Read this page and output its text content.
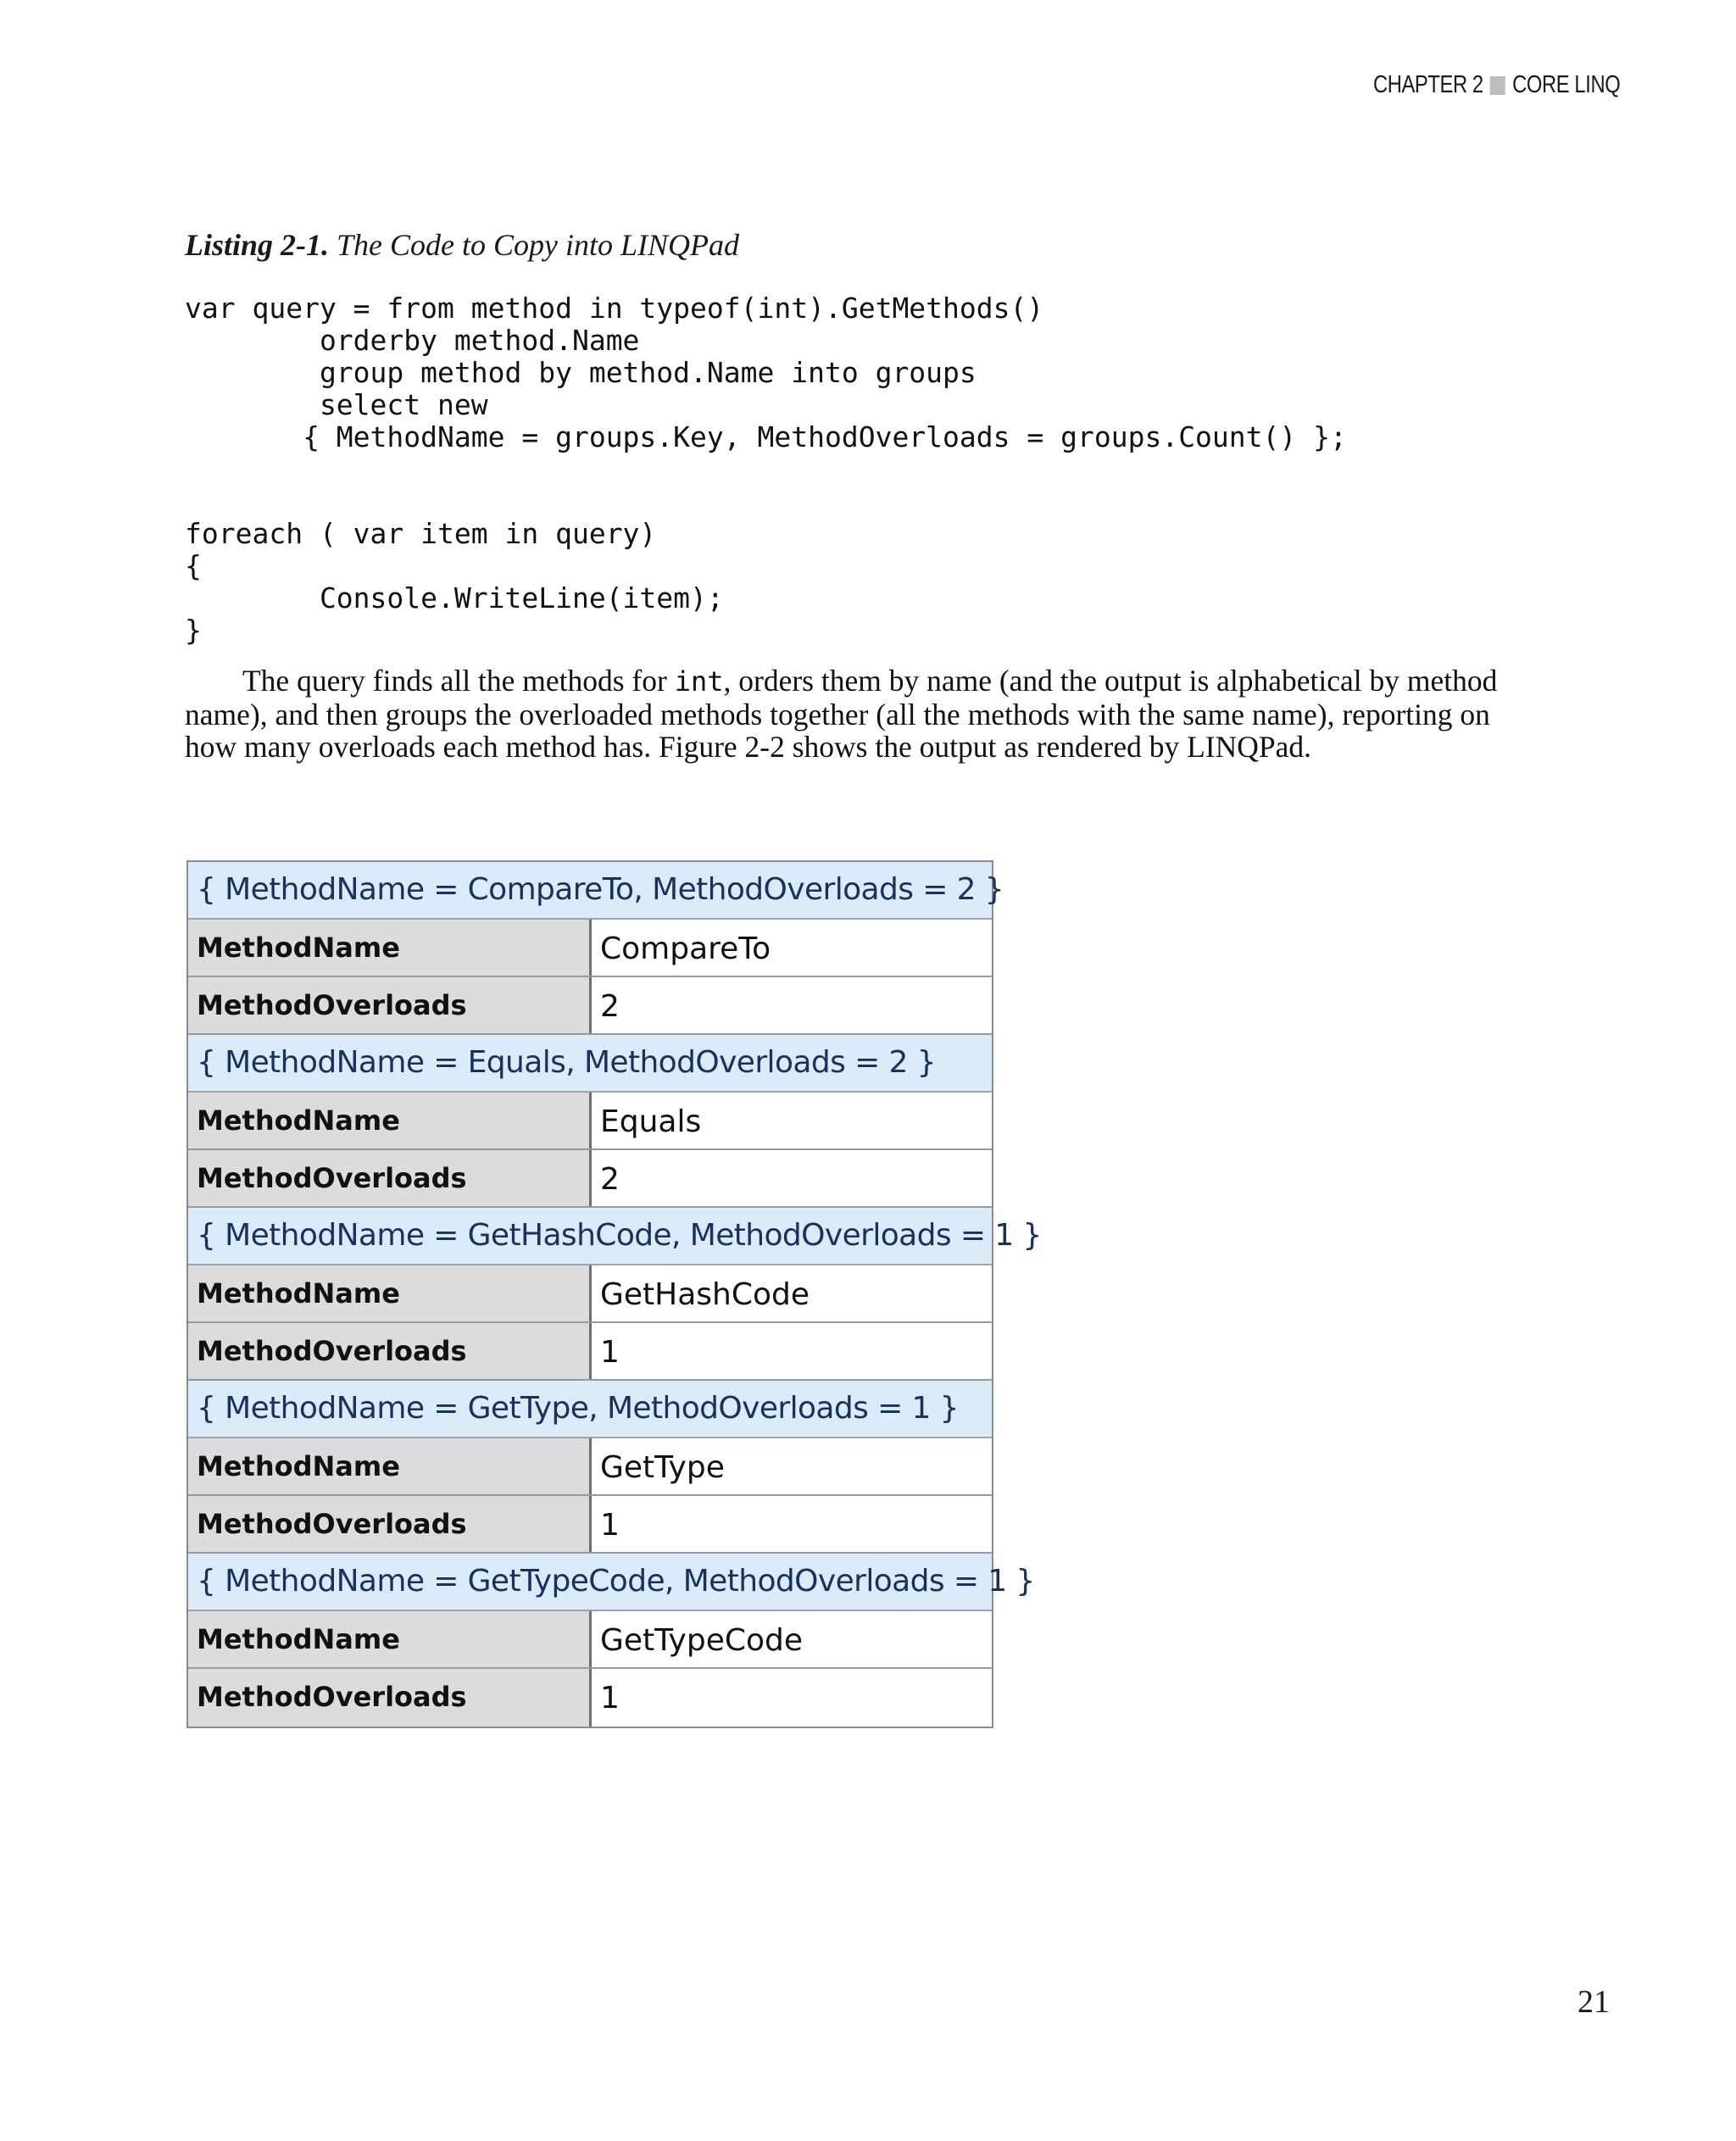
CHAPTER 2 CORE LINQ
Listing 2-1. The Code to Copy into LINQPad
var query = from method in typeof(int).GetMethods()
orderby method.Name
group method by method.Name into groups
select new
{ MethodName = groups.Key, MethodOverloads = groups.Count() };

foreach ( var item in query)
{
Console.WriteLine(item);
}

The query finds all the methods for int, orders them by name (and the output is alphabetical by method name), and then groups the overloaded methods together (all the methods with the same name), reporting on how many overloads each method has. Figure 2-2 shows the output as rendered by LINQPad.

{ MethodName = CompareTo, MethodOverloads = 2 }
MethodName	CompareTo
MethodOverloads	2
{ MethodName = Equals, MethodOverloads = 2 }
MethodName	Equals
MethodOverloads	2
{ MethodName = GetHashCode, MethodOverloads = 1 }
MethodName	GetHashCode
MethodOverloads	1
{ MethodName = GetType, MethodOverloads = 1 }
MethodName	GetType
MethodOverloads	1
{ MethodName = GetTypeCode, MethodOverloads = 1 }
MethodName	GetTypeCode
MethodOverloads	1
21
